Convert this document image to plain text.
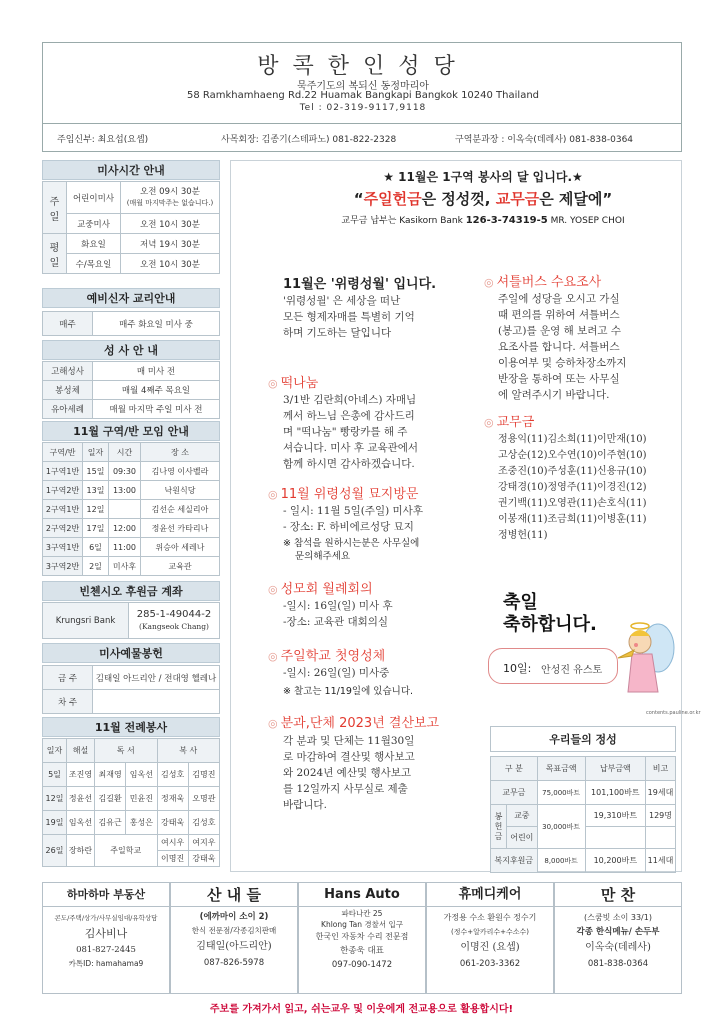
방콕한인성당
묵주기도의 복되신 동정마리아
58 Ramkhamhaeng Rd.22 Huamak Bangkapi Bangkok 10240 Thailand
Tel : 02-319-9117,9118
주임신부: 최요섭(요셉)	사목회장: 김종기(스테파노) 081-822-2328	구역분과장 : 이옥숙(데레사) 081-838-0364
미사시간 안내
주 일	어린이미사	오전 09시 30분
(매월 마지막주는 없습니다.)

	교중미사	오전 10시 30분
평 일	화요일	저녁 19시 30분
	수/목요일	오전 10시 30분
예비신자 교리안내
매주	매주 화요일 미사 중
성 사 안 내
고해성사	매 미사 전
봉성체	매월 4째주 목요일
유아세례	매월 마지막 주일 미사 전
11월 구역/반 모임 안내
구역/반	일자	시간	장 소
1구역1반	15일	09:30	김나영 이사벨라
1구역2반	13일	13:00	낙원식당
2구역1반	12일		김선순 세실리아
2구역2반	17일	12:00	정윤선 카타리나
3구역1반	6일	11:00	위승아 세레나
3구역2반	2일	미사후	교육관
빈첸시오 후원금 계좌
Krungsri Bank	
285-1-49044-2
(Kangseok Chang)
미사예물봉헌
금 주	김태일 아드리안 / 전대영 헬레나
차 주	
11월 전례봉사
일자	해설	독 서		복 사	
5일	조진영	최재영	임옥선	김성호	김명진
12일	정윤선	김길환	민윤진	정재욱	오명관
19일	임옥선	김유근	홍성은	강태욱	김성호
26일	장하란	주일학교		여시우	여지우
				이명진	강태욱
★ 11월은 1구역 봉사의 달 입니다.★
“주일헌금은 정성껏, 교무금은 제달에”
교무금 납부는 Kasikorn Bank 126-3-74319-5 MR. YOSEP CHOI
11월은 '위령성월' 입니다.
'위령성월' 은 세상을 떠난
모든 형제자매를 특별히 기억
하며 기도하는 달입니다
◎ 떡나눔
3/1반 김란희(아녜스) 자매님
께서 하느님 은총에 감사드리
며 "떡나눔" 빵랑카를 해 주
셔습니다. 미사 후 교육관에서
함께 하시면 감사하겠습니다.
◎ 11월 위령성월 묘지방문
- 일시: 11월 5일(주일) 미사후
- 장소: F. 하비에르성당 묘지
※ 참석을 원하시는분은 사무실에
문의해주세요
◎ 성모회 월례회의
-일시: 16일(일) 미사 후
-장소: 교육관 대회의실
◎ 주일학교 첫영성체
-일시: 26일(일) 미사중
※ 찰고는 11/19일에 있습니다.
◎ 분과,단체 2023년 결산보고
각 분과 및 단체는 11월30일
로 마감하여 결산및 행사보고
와 2024년 예산및 행사보고
를 12일까지 사무실로 제출
바랍니다.
◎ 셔틀버스 수요조사
주일에 성당을 오시고 가실
때 편의를 위하여 셔틀버스
(봉고)를 운영 해 보려고 수
요조사를 합니다. 셔틀버스
이용여부 및 승하차장소까지
반장을 통하여 또는 사무실
에 알려주시기 바랍니다.
◎ 교무금
정용익(11)김소희(11)이만재(10)
고상순(12)오수연(10)이주현(10)
조중진(10)주성훈(11)신용규(10)
강태경(10)정영주(11)이경진(12)
권기백(11)오영관(11)손호식(11)
이봉재(11)조금희(11)이병훈(11)
정병헌(11)
축일
축하합니다.
10일: 안성진 유스토
contents.pauline.or.kr
우리들의 정성
구 분		목표금액	납부금액	비고
교무금		75,000바트	101,100바트	19세대
봉헌금	교중	30,000바트	19,310바트	129명
	어린이			
복지후원금		8,000바트	10,200바트	11세대
하마하마 부동산
콘도/주택/상가/사무실임대/유학상담
김사비나
081-827-2445
카톡ID: hamahama9
산 내 들
(에까마이 소이 2)
한식 전문점/각종김치판매
김태일(아드리안)
087-826-5978
Hans Auto
파타나칸 25
Khlong Tan 경찰서 입구
한국인 자동차 수리 전문점
한종욱 대표
097-090-1472
휴메디케어
가정용 수소 환원수 정수기
(정수+알카리수+수소수)
이명진 (요셉)
061-203-3362
만 찬
(스쿰빗 소이 33/1)
각종 한식메뉴/ 손두부
이옥숙(데레사)
081-838-0364
주보를 가져가서 읽고, 쉬는교우 및 이웃에게 전교용으로 활용합시다!
